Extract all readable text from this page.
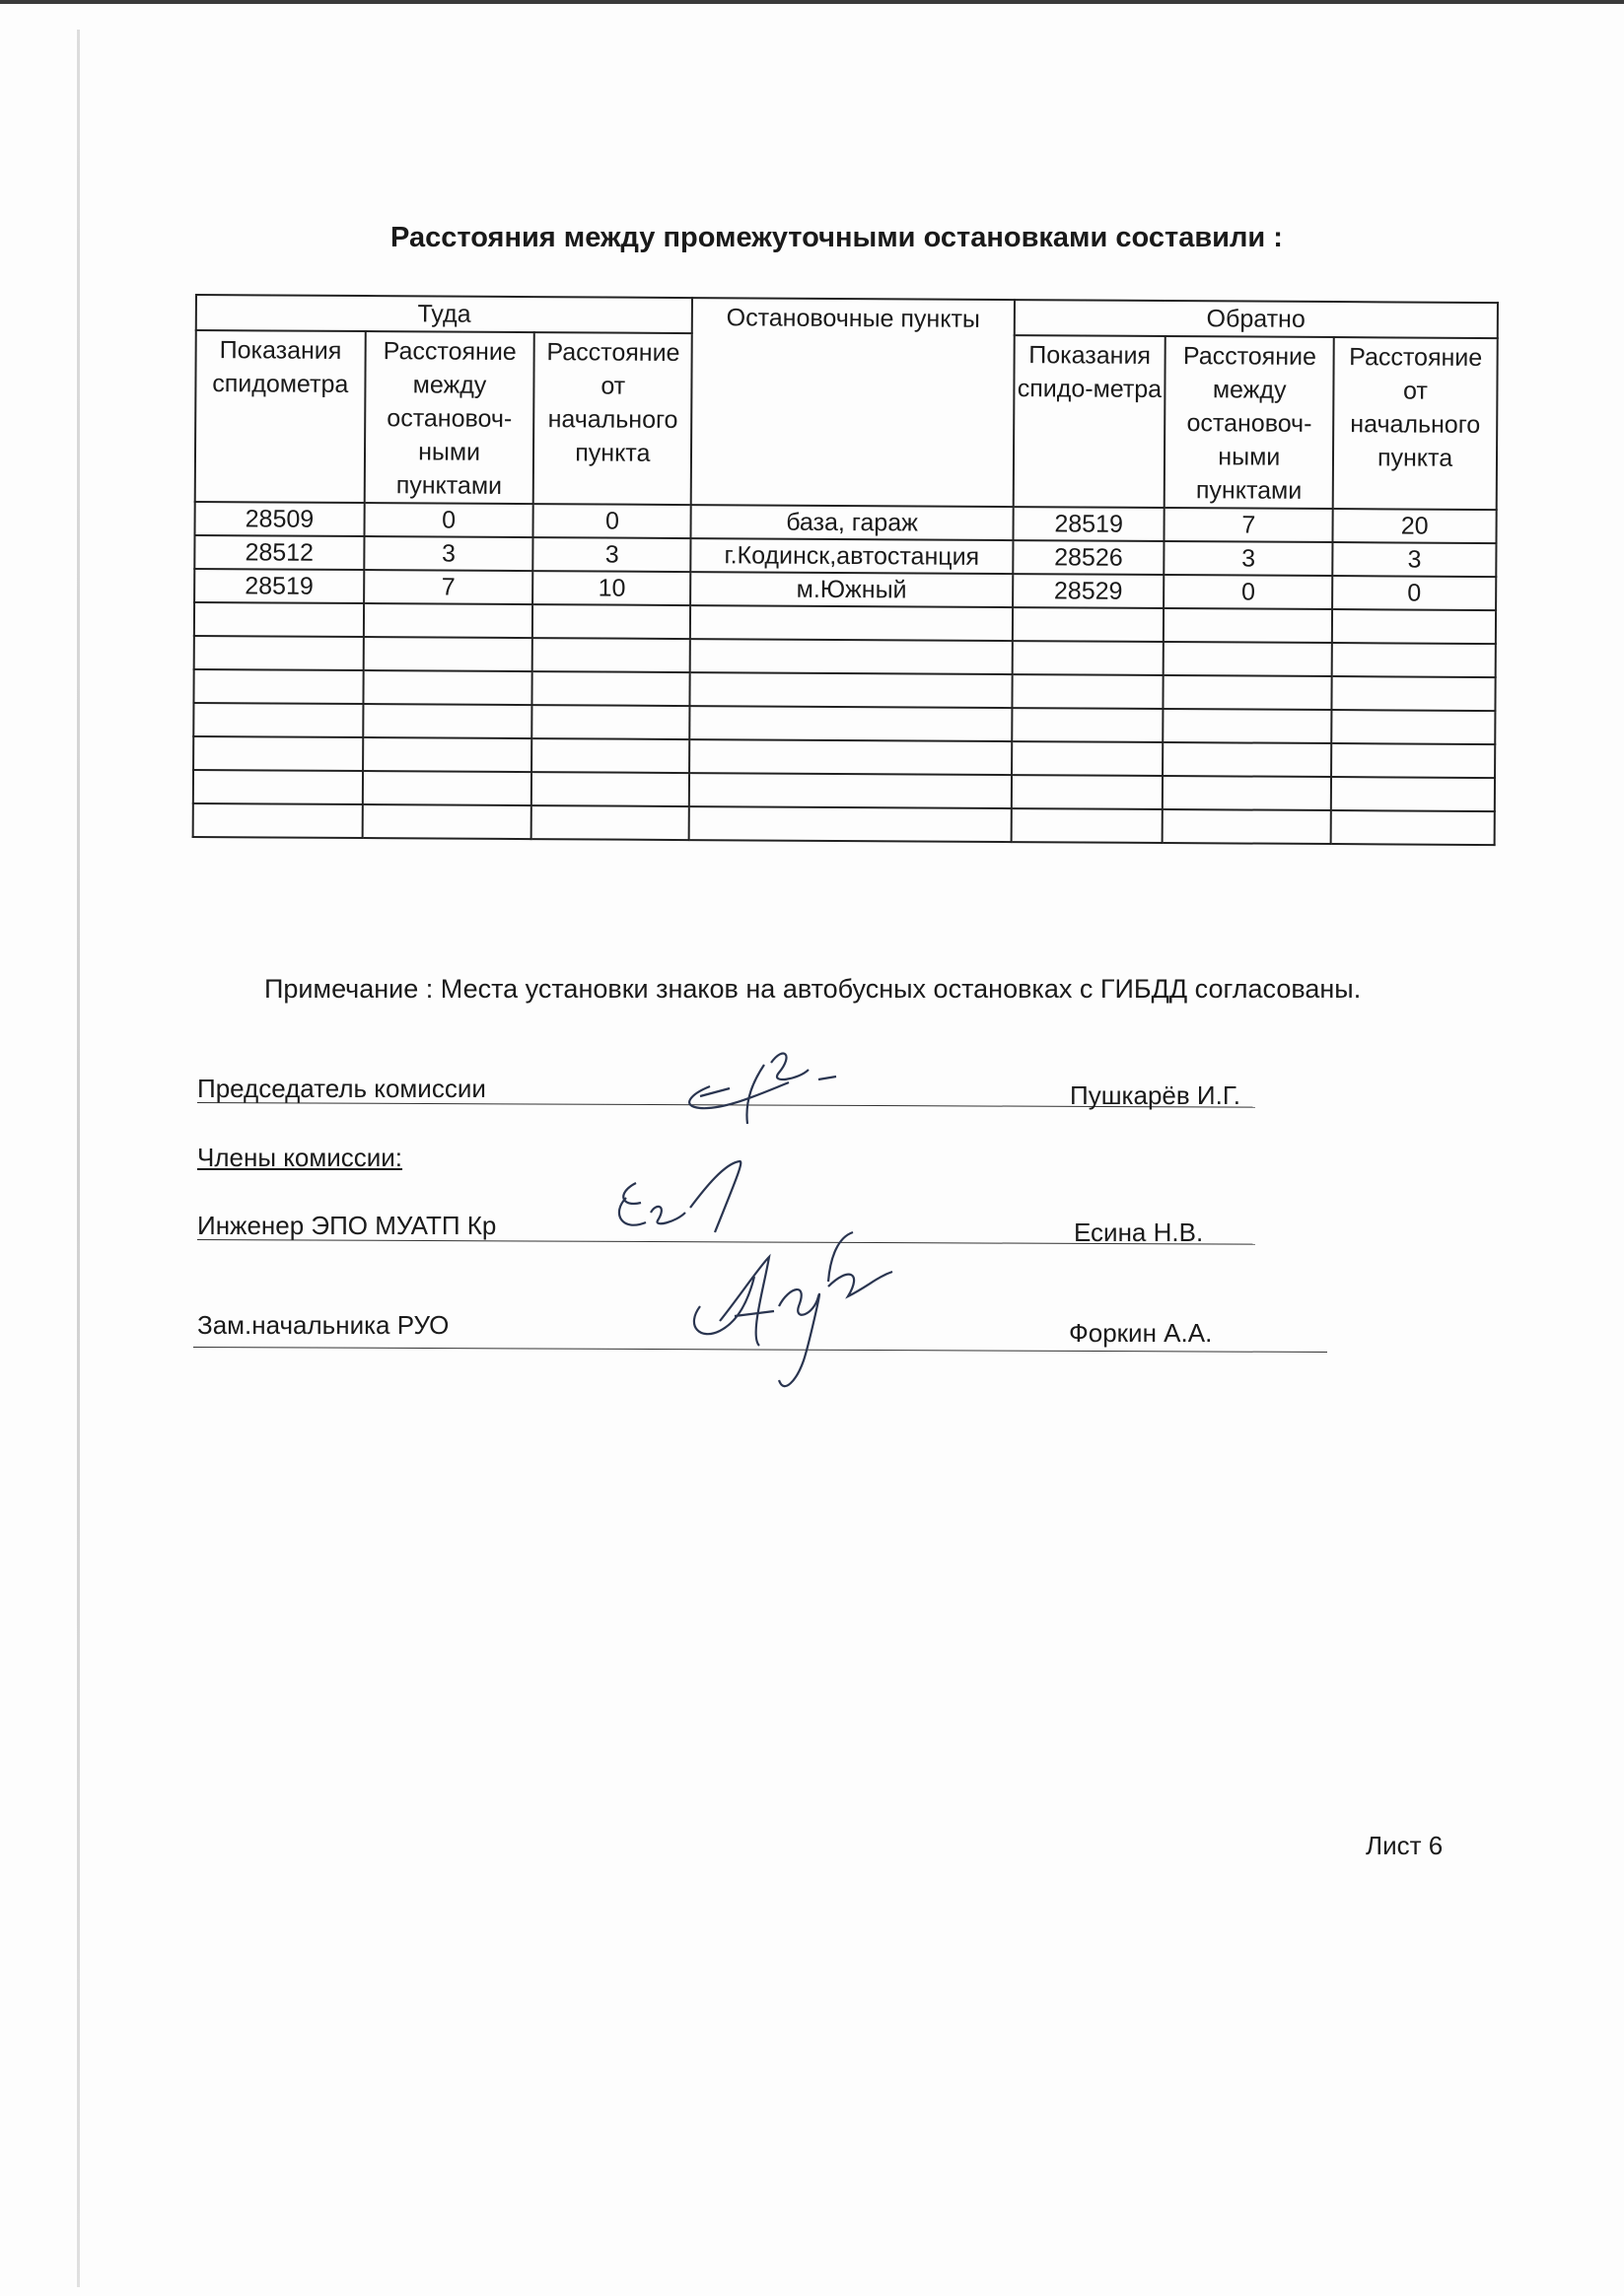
Расстояния между промежуточными остановками составили :
Туда			Остановочные пункты	Обратно		
Показания спидометра	Расстояние между остановоч-ными пунктами	Расстояние от начального пункта		Показания спидо-метра	Расстояние между остановоч-ными пунктами	Расстояние от начального пункта
28509	0	0	база, гараж	28519	7	20
28512	3	3	г.Кодинск,автостанция	28526	3	3
28519	7	10	м.Южный	28529	0	0

Примечание : Места установки знаков на автобусных остановках с ГИБДД согласованы.
Председатель комиссии	Пушкарёв И.Г.
Члены комиссии:
Инженер ЭПО МУАТП Кр	Есина Н.В.
Зам.начальника РУО	Форкин А.А.
Лист 6
